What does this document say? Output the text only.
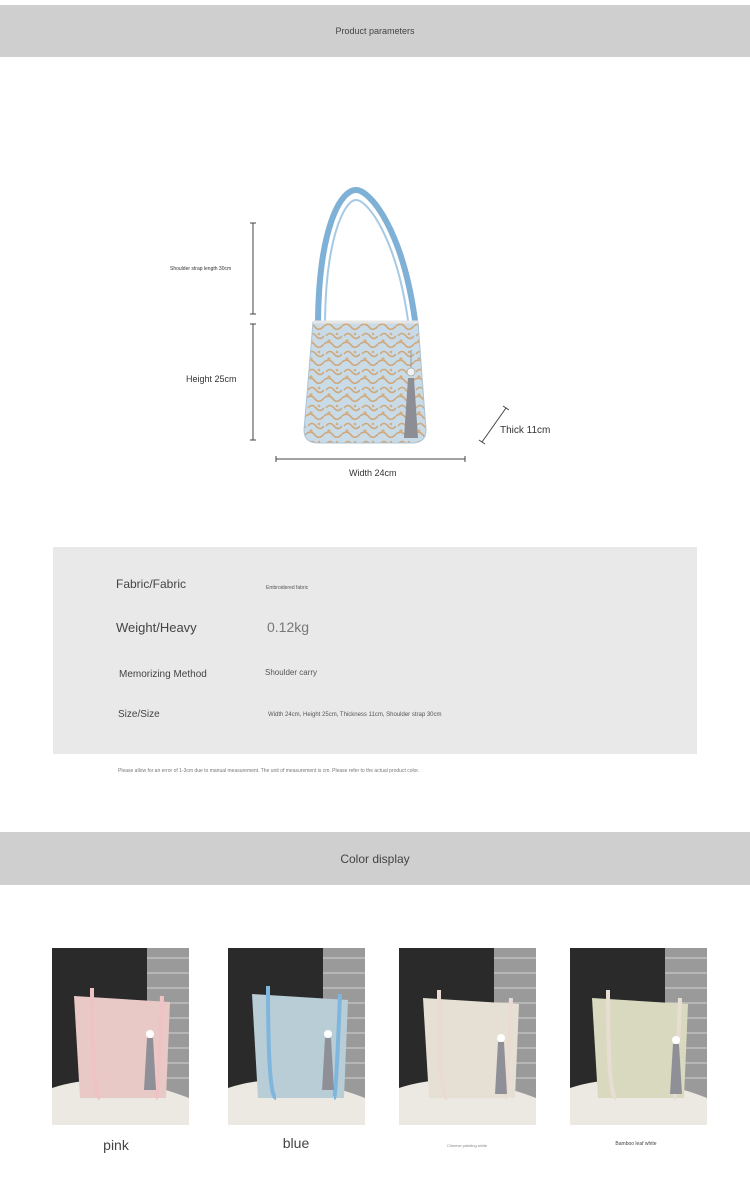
Product parameters
Shoulder strap length 30cm
Height 25cm
Thick 11cm
Width 24cm
Fabric/Fabric	Embroidered fabric
Weight/Heavy	0.12kg
Memorizing Method	Shoulder carry
Size/Size	Width 24cm, Height 25cm, Thickness 11cm, Shoulder strap 30cm
Please allow for an error of 1-3cm due to manual measurement. The unit of measurement is cm. Please refer to the actual product color.
Color display
pink	blue	Chinese painting white	Bamboo leaf white
